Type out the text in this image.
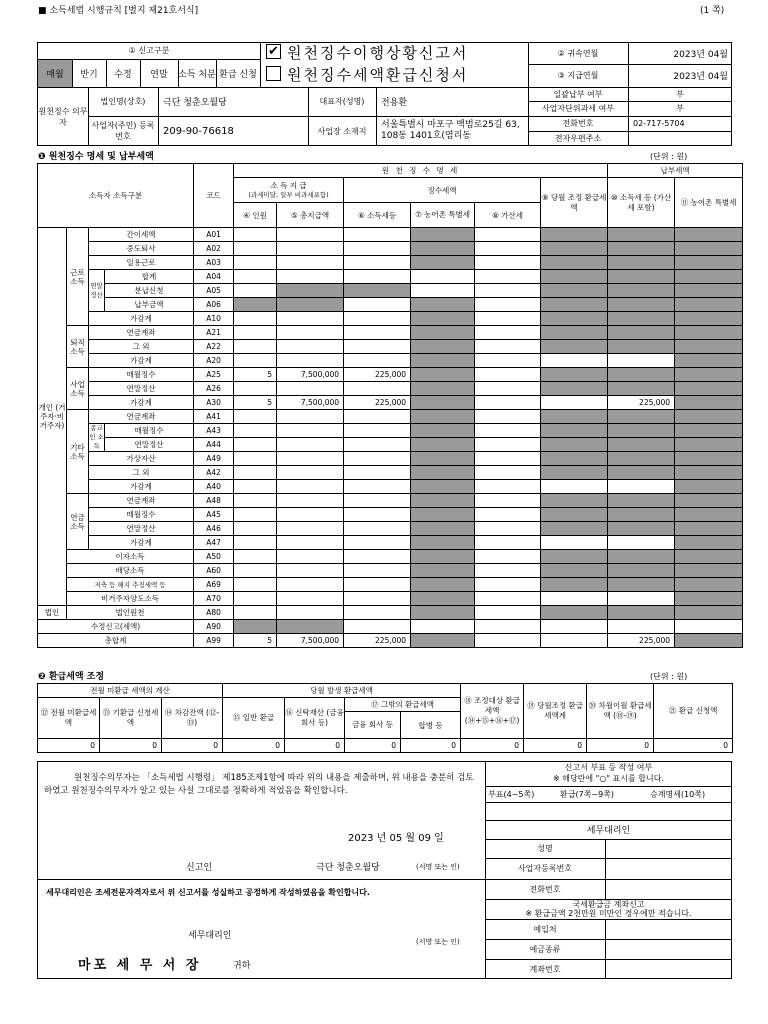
■ 소득세법 시행규칙 [별지 제21호서식]	(1 쪽)
① 신고구분
매월	반기	수정	연말	소득 처분 환급 신청
✔ 원천징수이행상황신고서
원천징수세액환급신청서
② 귀속연월	2023년 04월
③ 지급연월	2023년 04월
원천징수 의무자
법인명(상호)	극단 청춘오월당	대표자(성명)	전용환
사업자(주민) 등록번호	209-90-76618	사업장 소재지
서울특별시 마포구 백범로25길 63, 108동 1401호(염리동
일괄납부 여부	부
사업자단위과세 여부	부
전화번호	02-717-5704
전자우편주소
❶ 원천징수 명세 및 납부세액	(단위 : 원)
소득자 소득구분				코드	원 천 징 수 명 세						납부세액	
					소 득 지 급
(과세미달, 일부 비과세포함)		징수세액			⑨ 당월 조정 환급세액	⑩ 소득세 등 (가산세 포함)	⑪ 농어촌 특별세
					④ 인원	⑤ 총지급액	⑥ 소득세등	⑦ 농어촌 특별세	⑧ 가산세			
개인 (거주자·비거주자)	근로 소득	간이세액		A01								
		중도퇴사		A02								
		일용근로		A03								
		연말 정산	합계	A04								
			분납신청	A05								
			납부금액	A06								
		가감계		A10								
	퇴직 소득	연금계좌		A21								
		그 외		A22								
		가감계		A20								
	사업 소득	매월징수		A25	5	7,500,000	225,000					
		연말정산		A26								
		가감계		A30	5	7,500,000	225,000				225,000	
	기타 소득	연금계좌		A41								
		종교인 소득	매월징수	A43								
			연말정산	A44								
		가상자산		A49								
		그 외		A42								
		가감계		A40								
	연금 소득	연금계좌		A48								
		매월징수		A45								
		연말정산		A46								
		가감계		A47								
	이자소득			A50								
	배당소득			A60								
	저축 등 해지 추징세액 등			A69								
	비거주자양도소득			A70								
법인	법인원천			A80								
수정신고(세액)				A90								
총합계				A99	5	7,500,000	225,000				225,000	
❷ 환급세액 조정	(단위 : 원)
전월 미환급 세액의 계산			당월 발생 환급세액				⑱ 조정대상 환급세액 (⑭+⑮+⑯+⑰)	⑲ 당월조정 환급세액계	⑳ 차월이월 환급세액 (⑱-⑲)	㉑ 환급 신청액
⑫ 전월 미환급세액	⑬ 기환급 신청세액	⑭ 차감잔액 (⑫-⑬)	⑮ 일반 환급	⑯ 신탁재산 (금융 회사 등)	⑰ 그밖의 환급세액					
					금융 회사 등	합병 등				
0	0	0	0	0	0	0	0	0	0	0
원천징수의무자는 「소득세법 시행령」 제185조제1항에 따라 위의 내용을 제출하며, 위 내용을 충분히 검토하였고 원천징수의무자가 알고 있는 사실 그대로를 정확하게 적었음을 확인합니다.
2023 년 05 월 09 일
신고인	극단 청춘오월당	(서명 또는 인)
세무대리인은 조세전문자격자로서 위 신고서를 성실하고 공정하게 작성하였음을 확인합니다.
세무대리인
(서명 또는 인)
마포 세 무 서 장	귀하
신고서 부표 등 작성 여부
※ 해당란에 "○" 표시를 합니다.
부표(4~5쪽)	환급(7쪽~9쪽)	승계명세(10쪽)
세무대리인
성명
사업자등록번호
전화번호
국세환급금 계좌신고
※ 환급금액 2천만원 미만인 경우에만 적습니다.
예입처
예금종류
계좌번호
